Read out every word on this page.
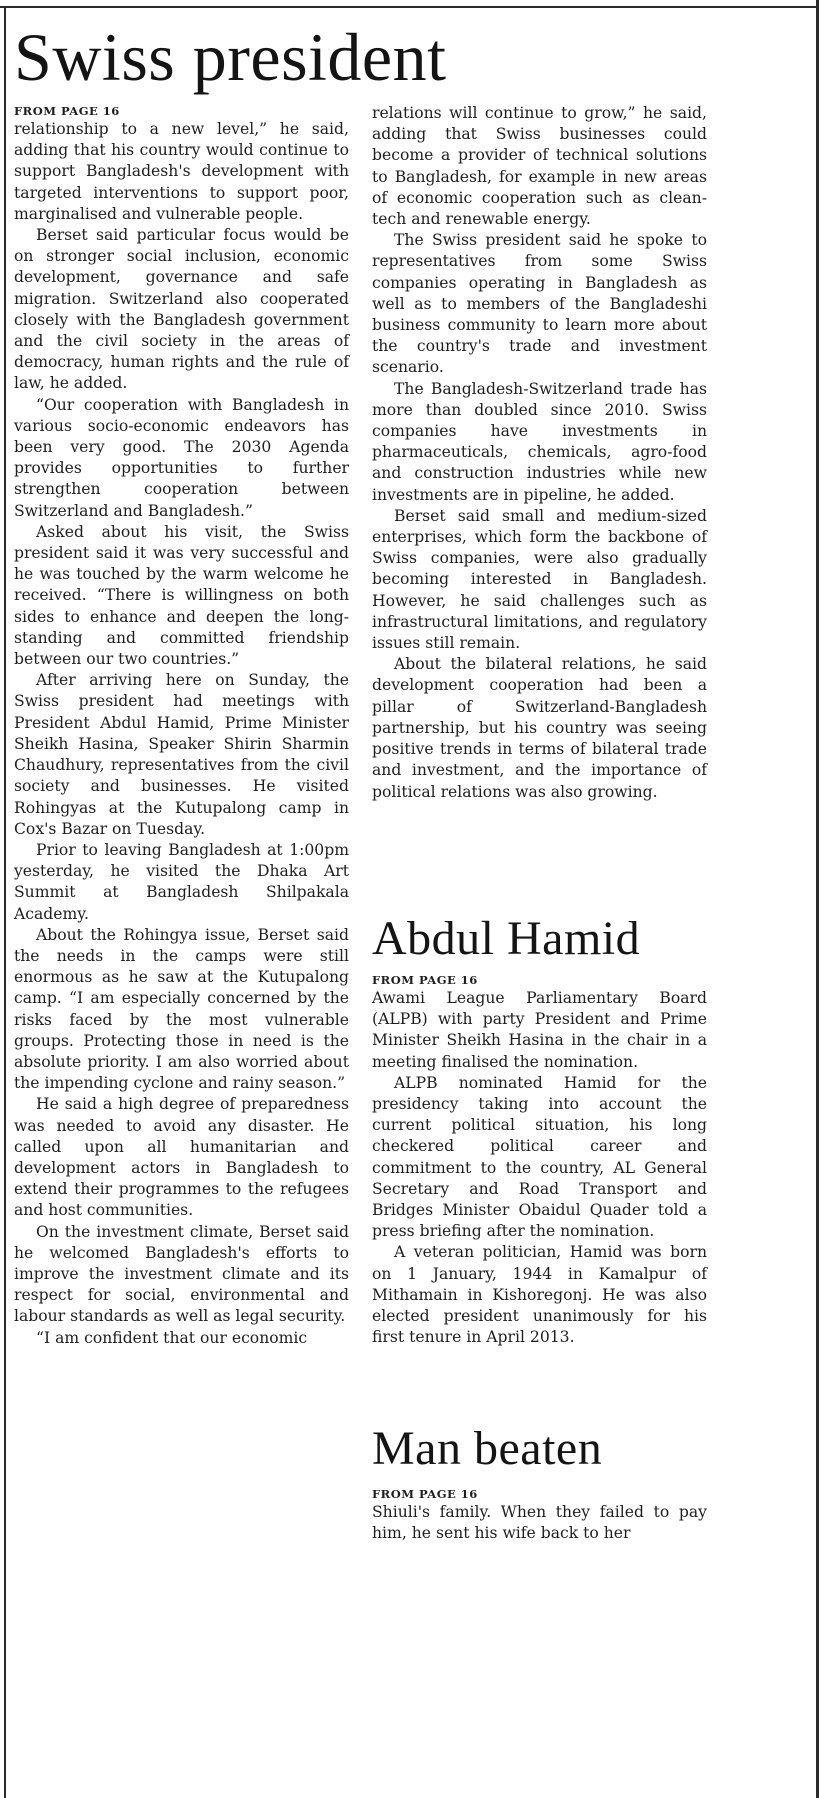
Swiss president
FROM PAGE 16

relationship to a new level,” he said, adding that his country would continue to support Bangladesh's development with targeted interventions to support poor, marginalised and vulnerable people.

Berset said particular focus would be on stronger social inclusion, economic development, governance and safe migration. Switzerland also cooperated closely with the Bangladesh government and the civil society in the areas of democracy, human rights and the rule of law, he added.

“Our cooperation with Bangladesh in various socio-economic endeavors has been very good. The 2030 Agenda provides opportunities to further strengthen cooperation between Switzerland and Bangladesh.”

Asked about his visit, the Swiss president said it was very successful and he was touched by the warm welcome he received. “There is willingness on both sides to enhance and deepen the long-standing and committed friendship between our two countries.”

After arriving here on Sunday, the Swiss president had meetings with President Abdul Hamid, Prime Minister Sheikh Hasina, Speaker Shirin Sharmin Chaudhury, representatives from the civil society and businesses. He visited Rohingyas at the Kutupalong camp in Cox's Bazar on Tuesday.

Prior to leaving Bangladesh at 1:00pm yesterday, he visited the Dhaka Art Summit at Bangladesh Shilpakala Academy.

About the Rohingya issue, Berset said the needs in the camps were still enormous as he saw at the Kutupalong camp. “I am especially concerned by the risks faced by the most vulnerable groups. Protecting those in need is the absolute priority. I am also worried about the impending cyclone and rainy season.”

He said a high degree of preparedness was needed to avoid any disaster. He called upon all humanitarian and development actors in Bangladesh to extend their programmes to the refugees and host communities.

On the investment climate, Berset said he welcomed Bangladesh's efforts to improve the investment climate and its respect for social, environmental and labour standards as well as legal security.

“I am confident that our economic

relations will continue to grow,” he said, adding that Swiss businesses could become a provider of technical solutions to Bangladesh, for example in new areas of economic cooperation such as clean-tech and renewable energy.

The Swiss president said he spoke to representatives from some Swiss companies operating in Bangladesh as well as to members of the Bangladeshi business community to learn more about the country's trade and investment scenario.

The Bangladesh-Switzerland trade has more than doubled since 2010. Swiss companies have investments in pharmaceuticals, chemicals, agro-food and construction industries while new investments are in pipeline, he added.

Berset said small and medium-sized enterprises, which form the backbone of Swiss companies, were also gradually becoming interested in Bangladesh. However, he said challenges such as infrastructural limitations, and regulatory issues still remain.

About the bilateral relations, he said development cooperation had been a pillar of Switzerland-Bangladesh partnership, but his country was seeing positive trends in terms of bilateral trade and investment, and the importance of political relations was also growing.

Abdul Hamid
FROM PAGE 16

Awami League Parliamentary Board (ALPB) with party President and Prime Minister Sheikh Hasina in the chair in a meeting finalised the nomination.

ALPB nominated Hamid for the presidency taking into account the current political situation, his long checkered political career and commitment to the country, AL General Secretary and Road Transport and Bridges Minister Obaidul Quader told a press briefing after the nomination.

A veteran politician, Hamid was born on 1 January, 1944 in Kamalpur of Mithamain in Kishoregonj. He was also elected president unanimously for his first tenure in April 2013.

Man beaten
FROM PAGE 16

Shiuli's family. When they failed to pay him, he sent his wife back to her
